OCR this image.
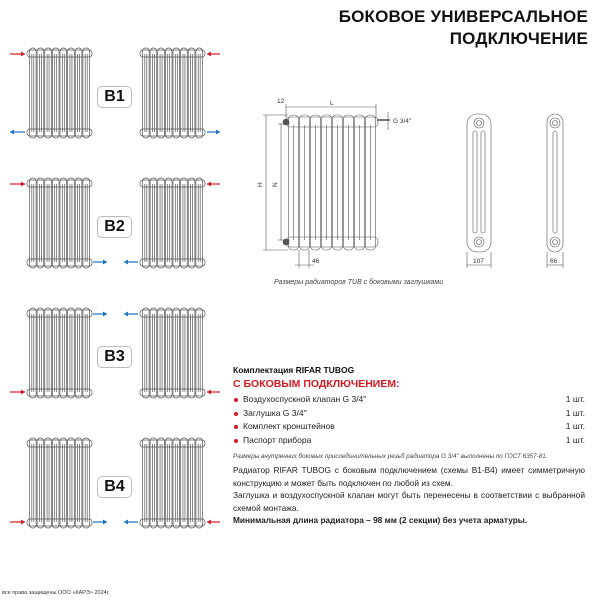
БОКОВОЕ УНИВЕРСАЛЬНОЕ
ПОДКЛЮЧЕНИЕ
B1
B2
B3
B4
12	L
G 3/4''
H N
46	107	66
Размеры радиаторов TUB с боковыми заглушками
Комплектация RIFAR TUBOG
С БОКОВЫМ ПОДКЛЮЧЕНИЕМ:
Воздухоспускной клапан G 3/4''	1 шт.
Заглушка G 3/4''	1 шт.
Комплект кронштейнов	1 шт.
Паспорт прибора	1 шт.
Размеры внутренних боковых присоединительных резьб радиатора G 3/4'' выполнены по ГОСТ 6357-81.
Радиатор RIFAR TUBOG с боковым подключением (схемы B1-B4) имеет симметричную конструкцию и может быть подключен по любой из схем.
Заглушка и воздухоспускной клапан могут быть перенесены в соответствии с выбранной схемой монтажа.
Минимальная длина радиатора – 98 мм (2 секции) без учета арматуры.
все права защищены ООО «КАРЭ» 2024г.
